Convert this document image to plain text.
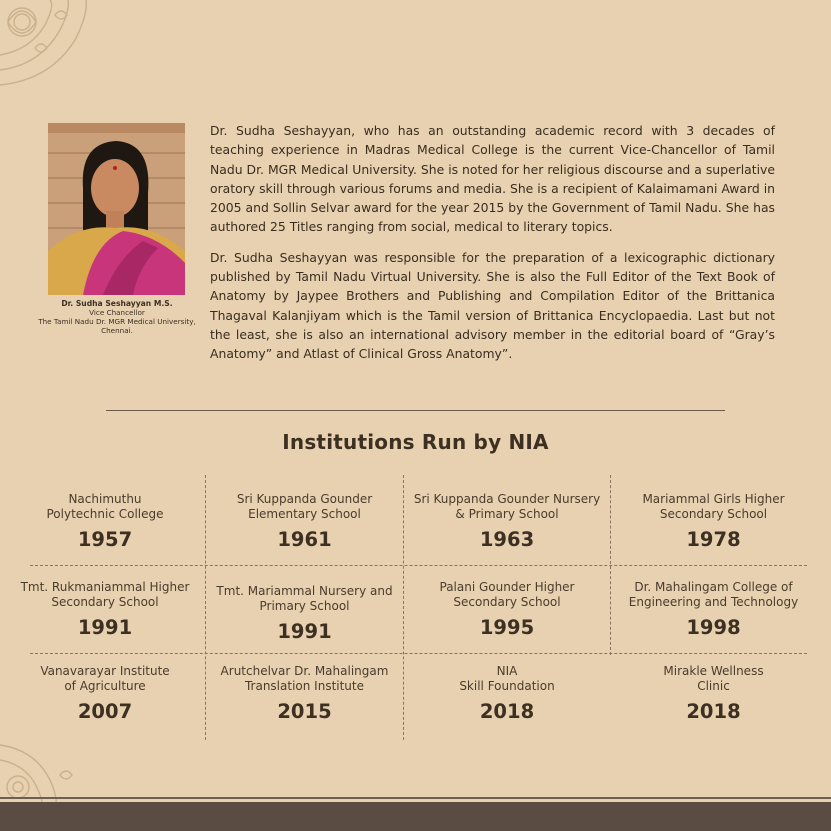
Dr. Sudha Seshayyan M.S.
Vice Chancellor
The Tamil Nadu Dr. MGR Medical University,
Chennai.

Dr. Sudha Seshayyan, who has an outstanding academic record with 3 decades of teaching experience in Madras Medical College is the current Vice-Chancellor of Tamil Nadu Dr. MGR Medical University. She is noted for her religious discourse and a superlative oratory skill through various forums and media. She is a recipient of Kalaimamani Award in 2005 and Sollin Selvar award for the year 2015 by the Government of Tamil Nadu. She has authored 25 Titles ranging from social, medical to literary topics.

Dr. Sudha Seshayyan was responsible for the preparation of a lexicographic dictionary published by Tamil Nadu Virtual University. She is also the Full Editor of the Text Book of Anatomy by Jaypee Brothers and Publishing and Compilation Editor of the Brittanica Thagaval Kalanjiyam which is the Tamil version of Brittanica Encyclopaedia. Last but not the least, she is also an international advisory member in the editorial board of “Gray’s Anatomy” and Atlast of Clinical Gross Anatomy”.

Institutions Run by NIA
Nachimuthu
Polytechnic College
1957
Sri Kuppanda Gounder
Elementary School
1961
Sri Kuppanda Gounder Nursery
& Primary School
1963
Mariammal Girls Higher
Secondary School
1978
Tmt. Rukmaniammal Higher
Secondary School
1991
Tmt. Mariammal Nursery and
Primary School
1991
Palani Gounder Higher
Secondary School
1995
Dr. Mahalingam College of
Engineering and Technology
1998
Vanavarayar Institute
of Agriculture
2007
Arutchelvar Dr. Mahalingam
Translation Institute
2015
NIA
Skill Foundation
2018
Mirakle Wellness
Clinic
2018
